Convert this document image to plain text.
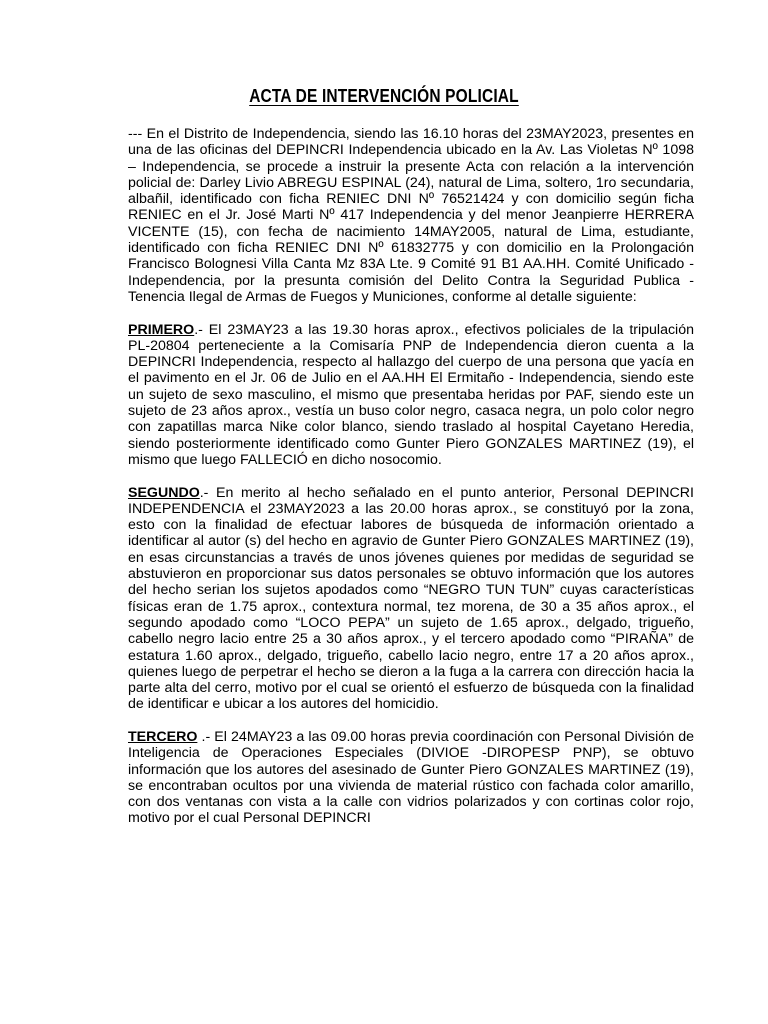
ACTA DE INTERVENCIÓN POLICIAL

--- En el Distrito de Independencia, siendo las 16.10 horas del 23MAY2023, presentes en una de las oficinas del DEPINCRI Independencia ubicado en la Av. Las Violetas Nº 1098 – Independencia, se procede a instruir la presente Acta con relación a la intervención policial de: Darley Livio ABREGU ESPINAL (24), natural de Lima, soltero, 1ro secundaria, albañil, identificado con ficha RENIEC DNI Nº 76521424 y con domicilio según ficha RENIEC en el Jr. José Marti Nº 417 Independencia y del menor Jeanpierre HERRERA VICENTE (15), con fecha de nacimiento 14MAY2005, natural de Lima, estudiante, identificado con ficha RENIEC DNI Nº 61832775 y con domicilio en la Prolongación Francisco Bolognesi Villa Canta Mz 83A Lte. 9 Comité 91 B1 AA.HH. Comité Unificado - Independencia, por la presunta comisión del Delito Contra la Seguridad Publica - Tenencia Ilegal de Armas de Fuegos y Municiones, conforme al detalle siguiente:

PRIMERO.- El 23MAY23 a las 19.30 horas aprox., efectivos policiales de la tripulación PL-20804 perteneciente a la Comisaría PNP de Independencia dieron cuenta a la DEPINCRI Independencia, respecto al hallazgo del cuerpo de una persona que yacía en el pavimento en el Jr. 06 de Julio en el AA.HH El Ermitaño - Independencia, siendo este un sujeto de sexo masculino, el mismo que presentaba heridas por PAF, siendo este un sujeto de 23 años aprox., vestía un buso color negro, casaca negra, un polo color negro con zapatillas marca Nike color blanco, siendo traslado al hospital Cayetano Heredia, siendo posteriormente identificado como Gunter Piero GONZALES MARTINEZ (19), el mismo que luego FALLECIÓ en dicho nosocomio.

SEGUNDO.- En merito al hecho señalado en el punto anterior, Personal DEPINCRI INDEPENDENCIA el 23MAY2023 a las 20.00 horas aprox., se constituyó por la zona, esto con la finalidad de efectuar labores de búsqueda de información orientado a identificar al autor (s) del hecho en agravio de Gunter Piero GONZALES MARTINEZ (19), en esas circunstancias a través de unos jóvenes quienes por medidas de seguridad se abstuvieron en proporcionar sus datos personales se obtuvo información que los autores del hecho serian los sujetos apodados como “NEGRO TUN TUN” cuyas características físicas eran de 1.75 aprox., contextura normal, tez morena, de 30 a 35 años aprox., el segundo apodado como “LOCO PEPA” un sujeto de 1.65 aprox., delgado, trigueño, cabello negro lacio entre 25 a 30 años aprox., y el tercero apodado como “PIRAÑA” de estatura 1.60 aprox., delgado, trigueño, cabello lacio negro, entre 17 a 20 años aprox., quienes luego de perpetrar el hecho se dieron a la fuga a la carrera con dirección hacia la parte alta del cerro, motivo por el cual se orientó el esfuerzo de búsqueda con la finalidad de identificar e ubicar a los autores del homicidio.

TERCERO .- El 24MAY23 a las 09.00 horas previa coordinación con Personal División de Inteligencia de Operaciones Especiales (DIVIOE -DIROPESP PNP), se obtuvo información que los autores del asesinado de Gunter Piero GONZALES MARTINEZ (19), se encontraban ocultos por una vivienda de material rústico con fachada color amarillo, con dos ventanas con vista a la calle con vidrios polarizados y con cortinas color rojo, motivo por el cual Personal DEPINCRI
